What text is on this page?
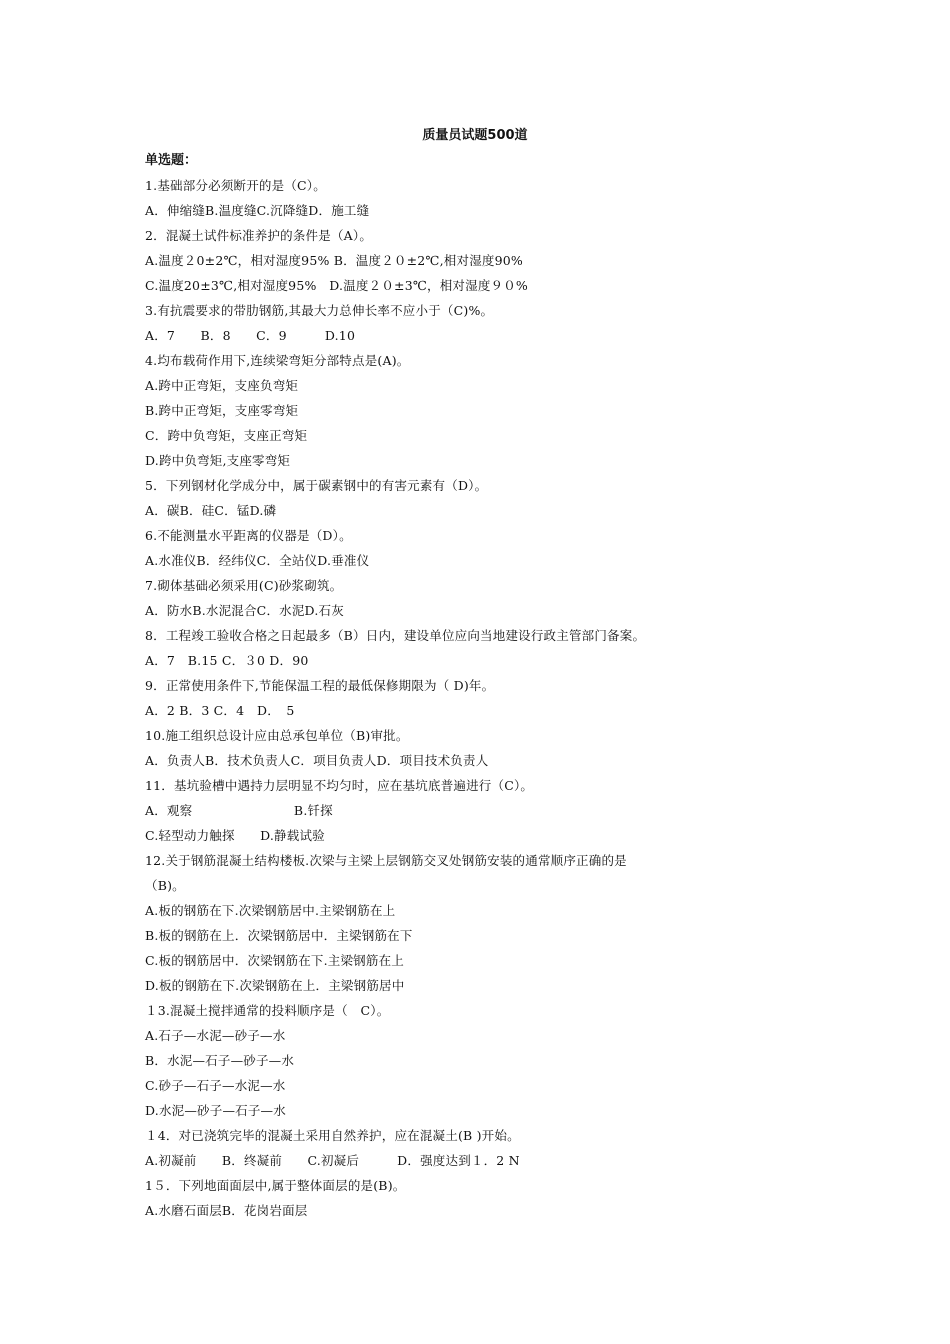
质量员试题500道
单选题：
1.基础部分必须断开的是（C）。
A．伸缩缝B.温度缝C.沉降缝D．施工缝
2．混凝土试件标准养护的条件是（A）。
A.温度２0±2℃，相对湿度95% B．温度２０±2℃,相对湿度90%
C.温度20±3℃,相对湿度95%　D.温度２０±3℃，相对湿度９０%
3.有抗震要求的带肋钢筋,其最大力总伸长率不应小于（C)%。
A．7　　B．8　　C．9　　　D.10
4.均布载荷作用下,连续梁弯矩分部特点是(A)。
A.跨中正弯矩，支座负弯矩
B.跨中正弯矩，支座零弯矩
C．跨中负弯矩，支座正弯矩
D.跨中负弯矩,支座零弯矩
5．下列钢材化学成分中，属于碳素钢中的有害元素有（D）。
A．碳B．硅C．锰D.磷
6.不能测量水平距离的仪器是（D）。
A.水准仪B．经纬仪C．全站仪D.垂准仪
7.砌体基础必须采用(C)砂浆砌筑。
A．防水B.水泥混合C．水泥D.石灰
8．工程竣工验收合格之日起最多（B）日内，建设单位应向当地建设行政主管部门备案。
A．7　B.15 C．３0 D．90
9．正常使用条件下,节能保温工程的最低保修期限为（ D)年。
A．2 B．3 C．4　D．　5
10.施工组织总设计应由总承包单位（B)审批。
A．负责人B．技术负责人C．项目负责人D．项目技术负责人
11．基坑验槽中遇持力层明显不均匀时，应在基坑底普遍进行（C）。
A．观察　　　　　　　　B.钎探
C.轻型动力触探　　D.静载试验
12.关于钢筋混凝土结构楼板.次梁与主梁上层钢筋交叉处钢筋安装的通常顺序正确的是
（B)。
A.板的钢筋在下.次梁钢筋居中.主梁钢筋在上
B.板的钢筋在上．次梁钢筋居中．主梁钢筋在下
C.板的钢筋居中．次梁钢筋在下.主梁钢筋在上
D.板的钢筋在下.次梁钢筋在上．主梁钢筋居中
１3.混凝土搅拌通常的投料顺序是（　C）。
A.石子—水泥—砂子—水
B．水泥—石子—砂子—水
C.砂子—石子—水泥—水
D.水泥—砂子—石子—水
１4．对已浇筑完毕的混凝土采用自然养护，应在混凝土(B )开始。
A.初凝前　　B．终凝前　　C.初凝后　　　D．强度达到１．2 N
1５．下列地面面层中,属于整体面层的是(B)。
A.水磨石面层B．花岗岩面层
